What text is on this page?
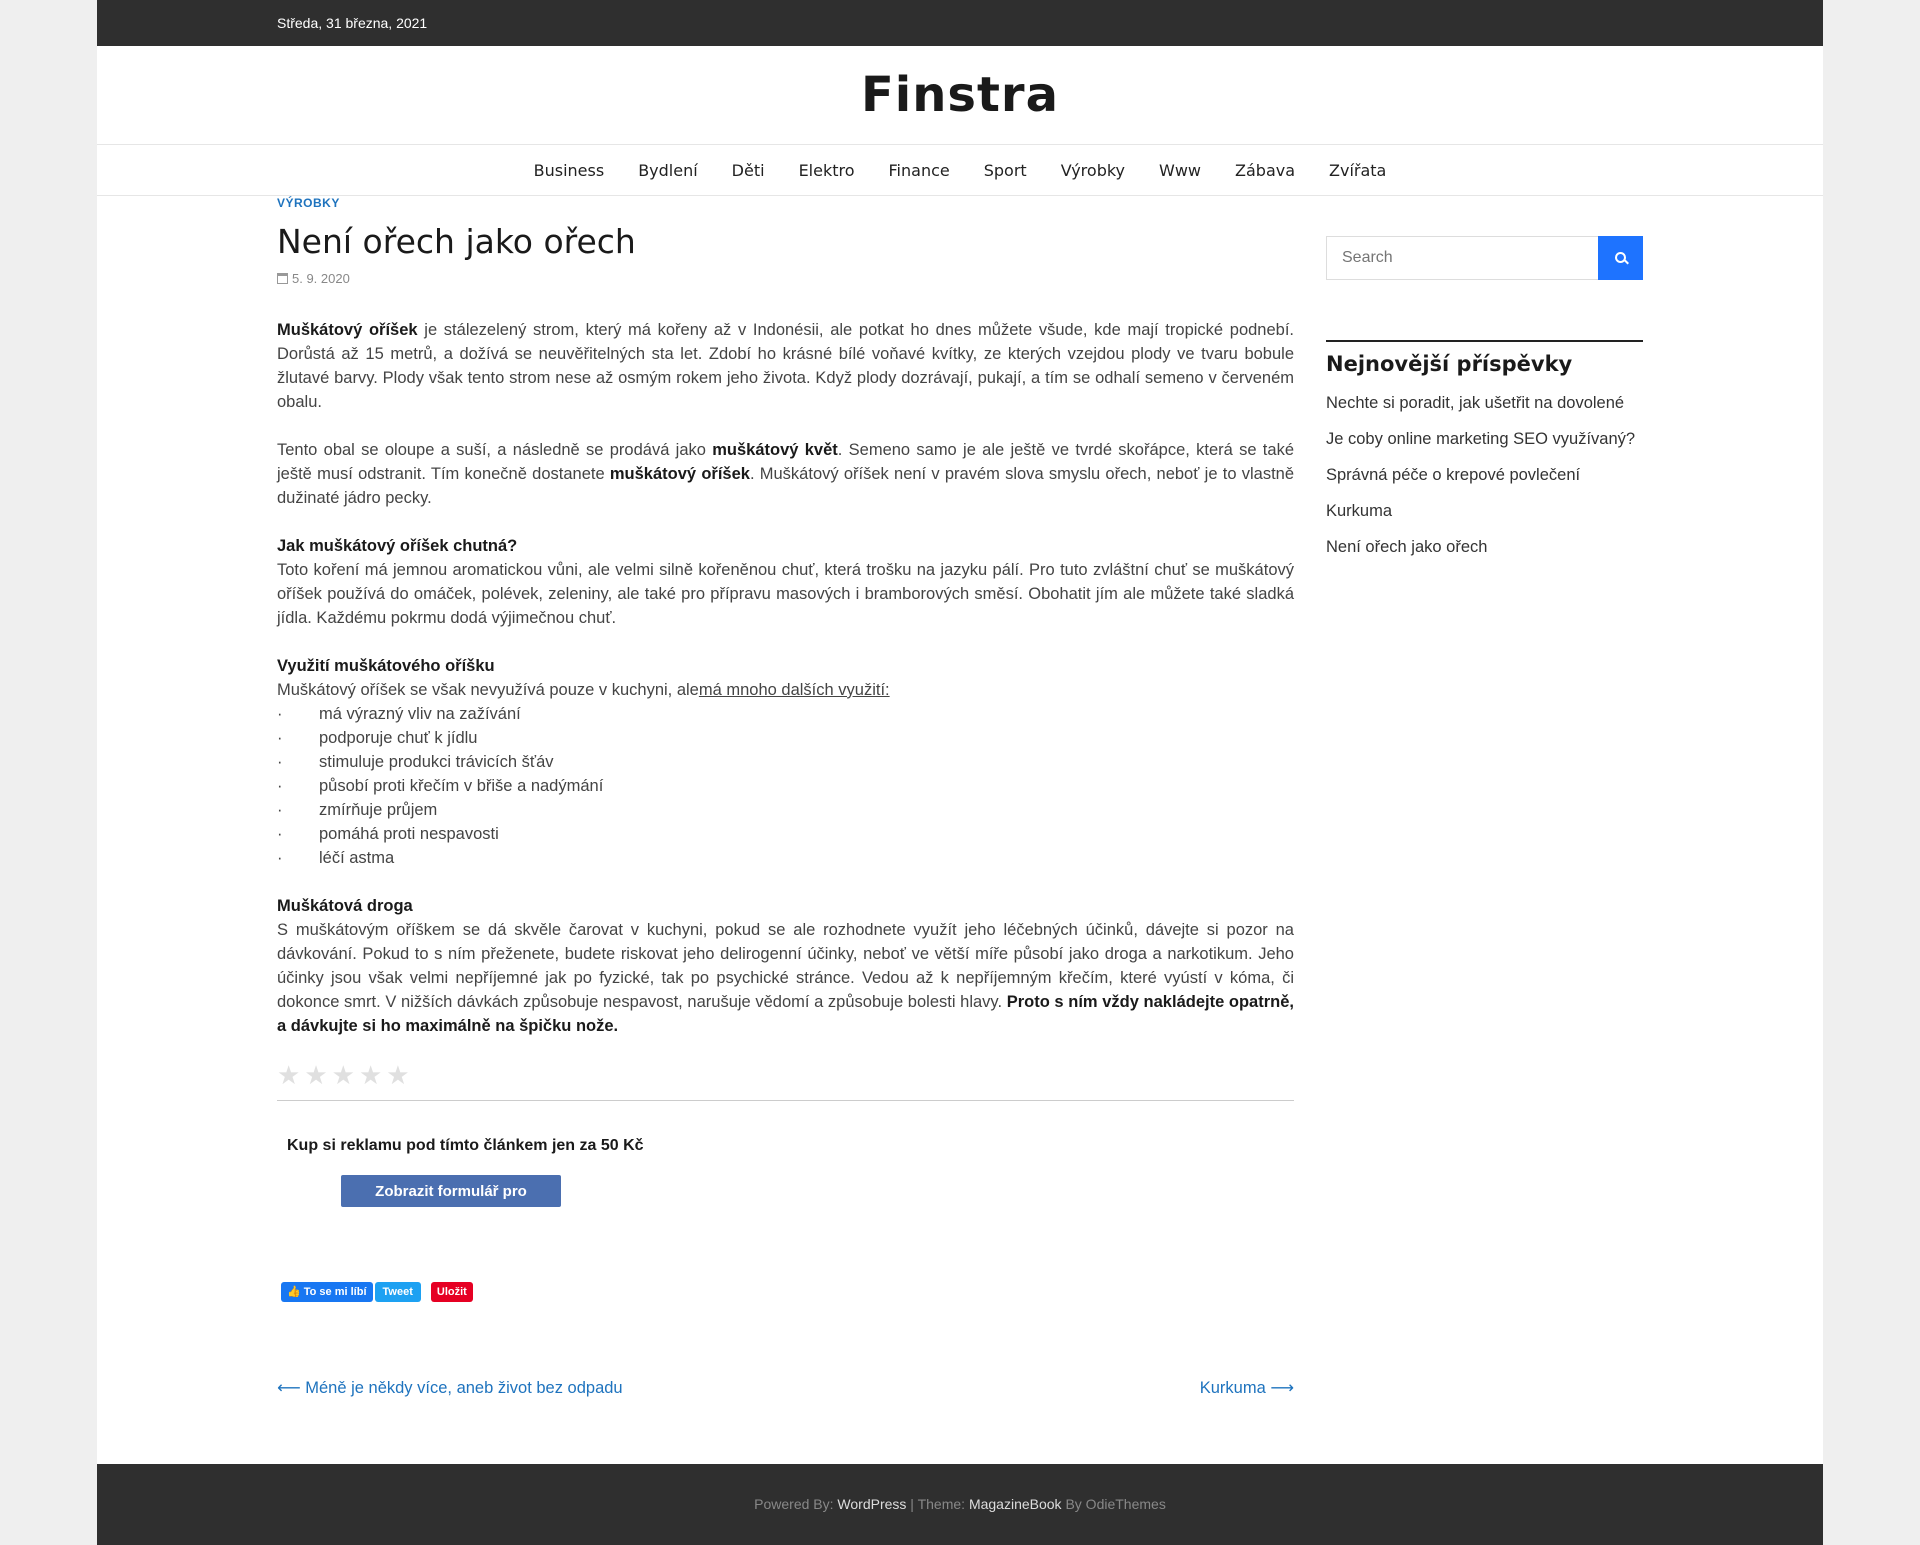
Středa, 31 března, 2021
Finstra
Business	Bydlení	Děti	Elektro	Finance	Sport	Výrobky	Www	Zábava	Zvířata
VÝROBKY
Není ořech jako ořech
5. 9. 2020

Muškátový oříšek je stálezelený strom, který má kořeny až v Indonésii, ale potkat ho dnes můžete všude, kde mají tropické podnebí. Dorůstá až 15 metrů, a dožívá se neuvěřitelných sta let. Zdobí ho krásné bílé voňavé kvítky, ze kterých vzejdou plody ve tvaru bobule žlutavé barvy. Plody však tento strom nese až osmým rokem jeho života. Když plody dozrávají, pukají, a tím se odhalí semeno v červeném obalu.

Tento obal se oloupe a suší, a následně se prodává jako muškátový květ. Semeno samo je ale ještě ve tvrdé skořápce, která se také ještě musí odstranit. Tím konečně dostanete muškátový oříšek. Muškátový oříšek není v pravém slova smyslu ořech, neboť je to vlastně dužinaté jádro pecky.

Jak muškátový oříšek chutná?

Toto koření má jemnou aromatickou vůni, ale velmi silně kořeněnou chuť, která trošku na jazyku pálí. Pro tuto zvláštní chuť se muškátový oříšek používá do omáček, polévek, zeleniny, ale také pro přípravu masových i bramborových směsí. Obohatit jím ale můžete také sladká jídla. Každému pokrmu dodá výjimečnou chuť.

Využití muškátového oříšku
Muškátový oříšek se však nevyužívá pouze v kuchyni, alemá mnoho dalších využití:
·	má výrazný vliv na zažívání
·	podporuje chuť k jídlu
·	stimuluje produkci trávicích šťáv
·	působí proti křečím v břiše a nadýmání
·	zmírňuje průjem
·	pomáhá proti nespavosti
·	léčí astma
Muškátová droga

S muškátovým oříškem se dá skvěle čarovat v kuchyni, pokud se ale rozhodnete využít jeho léčebných účinků, dávejte si pozor na dávkování. Pokud to s ním přeženete, budete riskovat jeho delirogenní účinky, neboť ve větší míře působí jako droga a narkotikum. Jeho účinky jsou však velmi nepříjemné jak po fyzické, tak po psychické stránce. Vedou až k nepříjemným křečím, které vyústí v kóma, či dokonce smrt. V nižších dávkách způsobuje nespavost, narušuje vědomí a způsobuje bolesti hlavy. Proto s ním vždy nakládejte opatrně, a dávkujte si ho maximálně na špičku nože.

★ ★ ★ ★ ★
Kup si reklamu pod tímto článkem jen za 50 Kč
Zobrazit formulář pro
👍 To se mi líbí	Tweet	Uložit
⟵ Méně je někdy více, aneb život bez odpadu	Kurkuma ⟶
Search
Nejnovější příspěvky
Nechte si poradit, jak ušetřit na dovolené
Je coby online marketing SEO využívaný?
Správná péče o krepové povlečení
Kurkuma
Není ořech jako ořech
Powered By: WordPress | Theme: MagazineBook By OdieThemes
